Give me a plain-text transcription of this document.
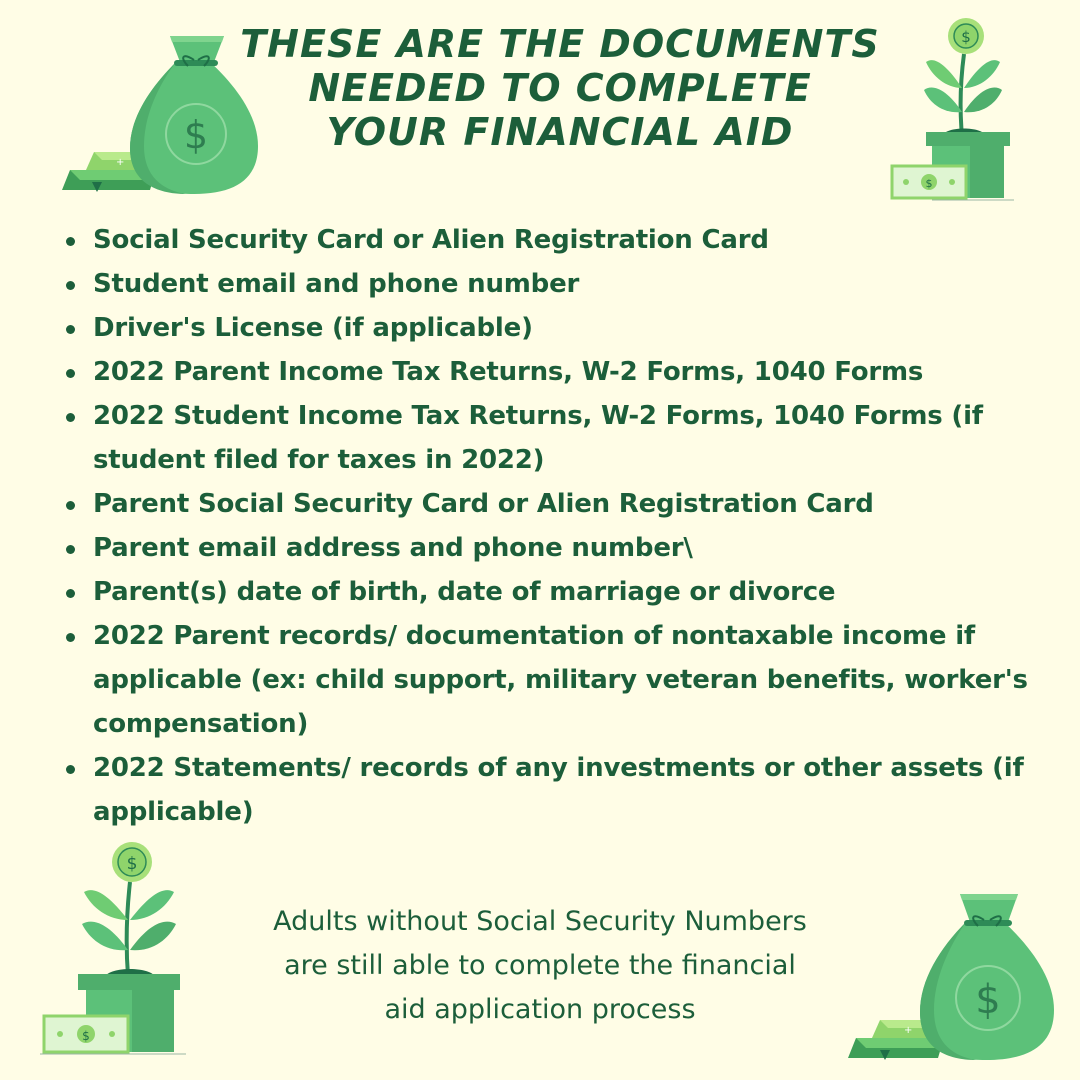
+
$
$
$
THESE ARE THE DOCUMENTS NEEDED TO COMPLETE YOUR FINANCIAL AID
Social Security Card or Alien Registration Card
Student email and phone number
Driver's License (if applicable)
2022 Parent Income Tax Returns, W-2 Forms, 1040 Forms
2022 Student Income Tax Returns, W-2 Forms, 1040 Forms (if student filed for taxes in 2022)
Parent Social Security Card or Alien Registration Card
Parent email address and phone number\
Parent(s) date of birth, date of marriage or divorce
2022 Parent records/ documentation of nontaxable income if applicable (ex: child support, military veteran benefits, worker's compensation)
2022 Statements/ records of any investments or other assets (if applicable)
$
$

Adults without Social Security Numbers are still able to complete the financial aid application process

+
$
